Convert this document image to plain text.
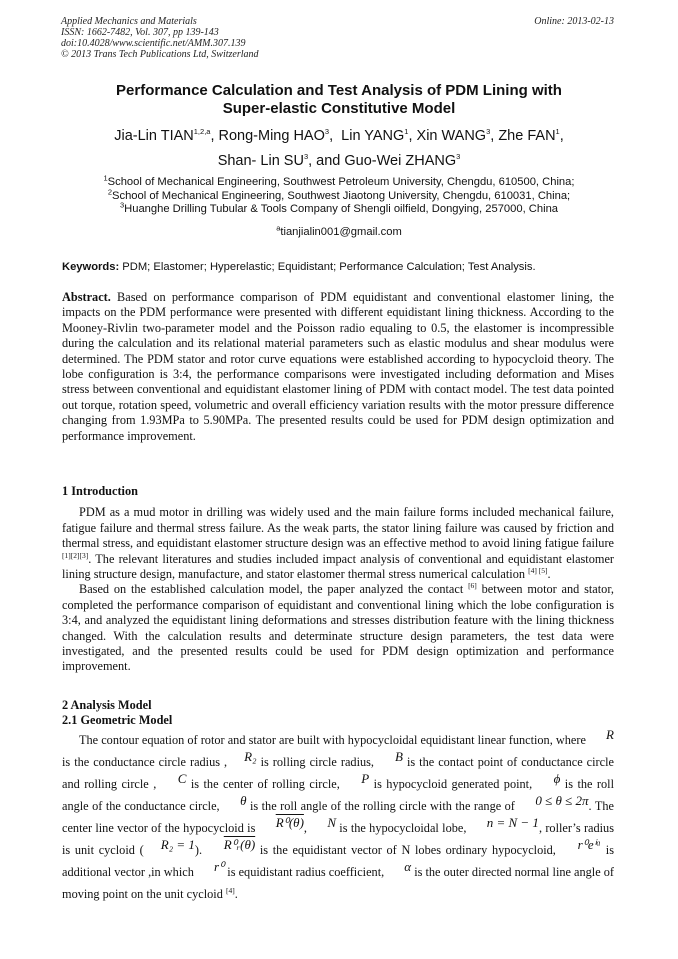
Applied Mechanics and Materials
ISSN: 1662-7482, Vol. 307, pp 139-143
doi:10.4028/www.scientific.net/AMM.307.139
© 2013 Trans Tech Publications Ltd, Switzerland
Online: 2013-02-13
Performance Calculation and Test Analysis of PDM Lining with
Super-elastic Constitutive Model
Jia-Lin TIAN$^{1,2,a}$, Rong-Ming HAO$^3$,  Lin YANG$^1$, Xin WANG$^3$, Zhe FAN$^1$,
Shan- Lin $SU^3$, and Guo-Wei ZHANG$^3$
$^1$School of Mechanical Engineering, Southwest Petroleum University, Chengdu, 610500, China;
$^2$School of Mechanical Engineering, Southwest Jiaotong University, Chengdu, 610031, China;
$^3$Huanghe Drilling Tubular & Tools Company of Shengli oilfield, Dongying, 257000, China
$^a$tianjialin001@gmail.com
Keywords: PDM; Elastomer; Hyperelastic; Equidistant; Performance Calculation; Test Analysis.

Abstract. Based on performance comparison of PDM equidistant and conventional elastomer lining, the impacts on the PDM performance were presented with different equidistant lining thickness. According to the Mooney-Rivlin two-parameter model and the Poisson radio equaling to 0.5, the elastomer is incompressible during the calculation and its relational material parameters such as elastic modulus and shear modulus were determined. The PDM stator and rotor curve equations were established according to hypocycloid theory. The lobe configuration is 3:4, the performance comparisons were investigated including deformation and Mises stress between conventional and equidistant elastomer lining of PDM with contact model. The test data pointed out torque, rotation speed, volumetric and overall efficiency variation results with the motor pressure difference changing from 1.93MPa to 5.90MPa. The presented results could be used for PDM design optimization and performance improvement.

1 Introduction

PDM as a mud motor in drilling was widely used and the main failure forms included mechanical failure, fatigue failure and thermal stress failure. As the weak parts, the stator lining failure was caused by friction and thermal stress, and equidistant elastomer structure design was an effective method to avoid lining fatigue failure [1][2][3]. The relevant literatures and studies included impact analysis of conventional and equidistant elastomer lining structure design, manufacture, and stator elastomer thermal stress numerical calculation [4] [5].

Based on the established calculation model, the paper analyzed the contact [6] between motor and stator, completed the performance comparison of equidistant and conventional lining which the lobe configuration is 3:4, and analyzed the equidistant lining deformations and stresses distribution feature with the lining thickness changed. With the calculation results and determinate structure design parameters, the test data were investigated, and the presented results could be used for PDM design optimization and performance improvement.

2 Analysis Model
2.1 Geometric Model

The contour equation of rotor and stator are built with hypocycloidal equidistant linear function, where R is the conductance circle radius , R₂ is rolling circle radius, B is the contact point of conductance circle and rolling circle , C is the center of rolling circle, P is hypocycloid generated point, ϕ is the roll angle of the conductance circle, θ is the roll angle of the rolling circle with the range of 0 ≤ θ ≤ 2π. The center line vector of the hypocycloid is R⁰(θ), N is the hypocycloidal lobe, n = N − 1, roller’s radius is unit cycloid ( R₂ = 1). R⁰ᵣ(θ) is the equidistant vector of N lobes ordinary hypocycloid, r⁰eⁱᵅ is additional vector ,in which r⁰ is equidistant radius coefficient, α is the outer directed normal line angle of moving point on the unit cycloid [4].
